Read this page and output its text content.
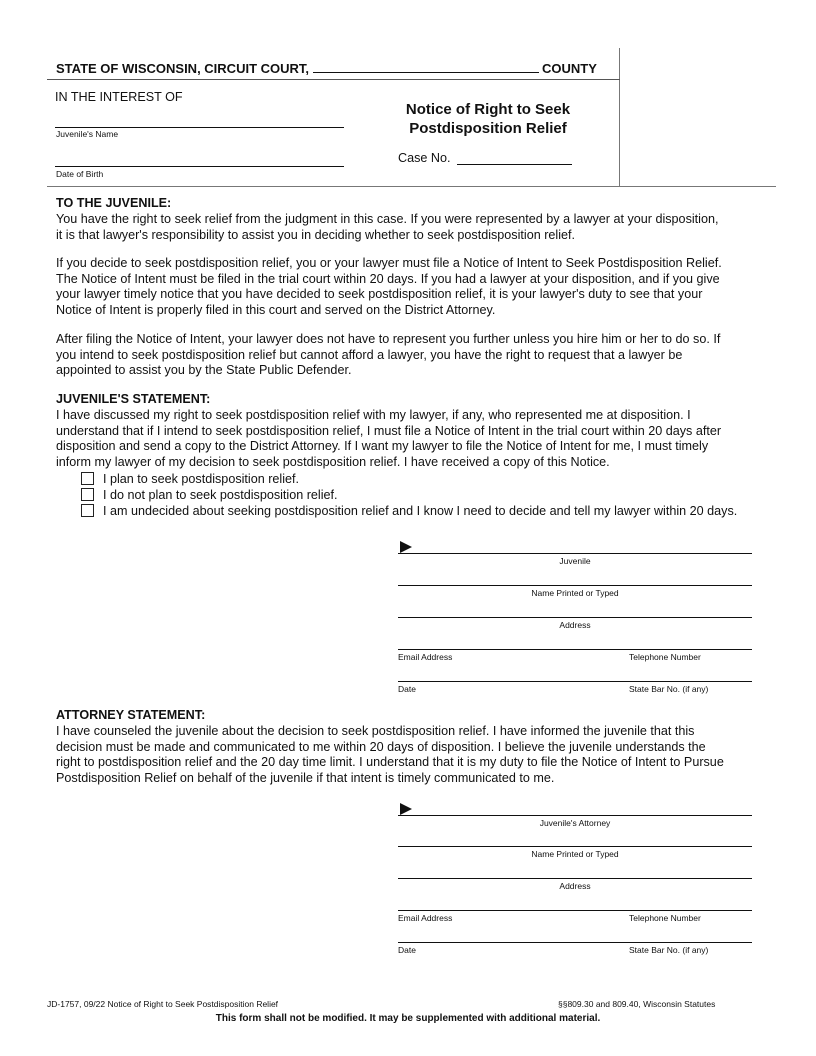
STATE OF WISCONSIN, CIRCUIT COURT,	COUNTY
IN THE INTEREST OF
Juvenile's Name
Date of Birth
Notice of Right to Seek
Postdisposition Relief
Case No.
TO THE JUVENILE:
You have the right to seek relief from the judgment in this case. If you were represented by a lawyer at your disposition,
it is that lawyer's responsibility to assist you in deciding whether to seek postdisposition relief.
If you decide to seek postdisposition relief, you or your lawyer must file a Notice of Intent to Seek Postdisposition Relief.
The Notice of Intent must be filed in the trial court within 20 days. If you had a lawyer at your disposition, and if you give
your lawyer timely notice that you have decided to seek postdisposition relief, it is your lawyer's duty to see that your
Notice of Intent is properly filed in this court and served on the District Attorney.
After filing the Notice of Intent, your lawyer does not have to represent you further unless you hire him or her to do so. If
you intend to seek postdisposition relief but cannot afford a lawyer, you have the right to request that a lawyer be
appointed to assist you by the State Public Defender.
JUVENILE'S STATEMENT:
I have discussed my right to seek postdisposition relief with my lawyer, if any, who represented me at disposition. I
understand that if I intend to seek postdisposition relief, I must file a Notice of Intent in the trial court within 20 days after
disposition and send a copy to the District Attorney. If I want my lawyer to file the Notice of Intent for me, I must timely
inform my lawyer of my decision to seek postdisposition relief. I have received a copy of this Notice.
I plan to seek postdisposition relief.
I do not plan to seek postdisposition relief.
I am undecided about seeking postdisposition relief and I know I need to decide and tell my lawyer within 20 days.
Juvenile
Name Printed or Typed
Address
Email Address	Telephone Number
Date	State Bar No. (if any)
ATTORNEY STATEMENT:
I have counseled the juvenile about the decision to seek postdisposition relief. I have informed the juvenile that this
decision must be made and communicated to me within 20 days of disposition. I believe the juvenile understands the
right to postdisposition relief and the 20 day time limit. I understand that it is my duty to file the Notice of Intent to Pursue
Postdisposition Relief on behalf of the juvenile if that intent is timely communicated to me.
Juvenile's Attorney
Name Printed or Typed
Address
Email Address	Telephone Number
Date	State Bar No. (if any)
JD-1757, 09/22 Notice of Right to Seek Postdisposition Relief	§§809.30 and 809.40, Wisconsin Statutes
This form shall not be modified. It may be supplemented with additional material.
